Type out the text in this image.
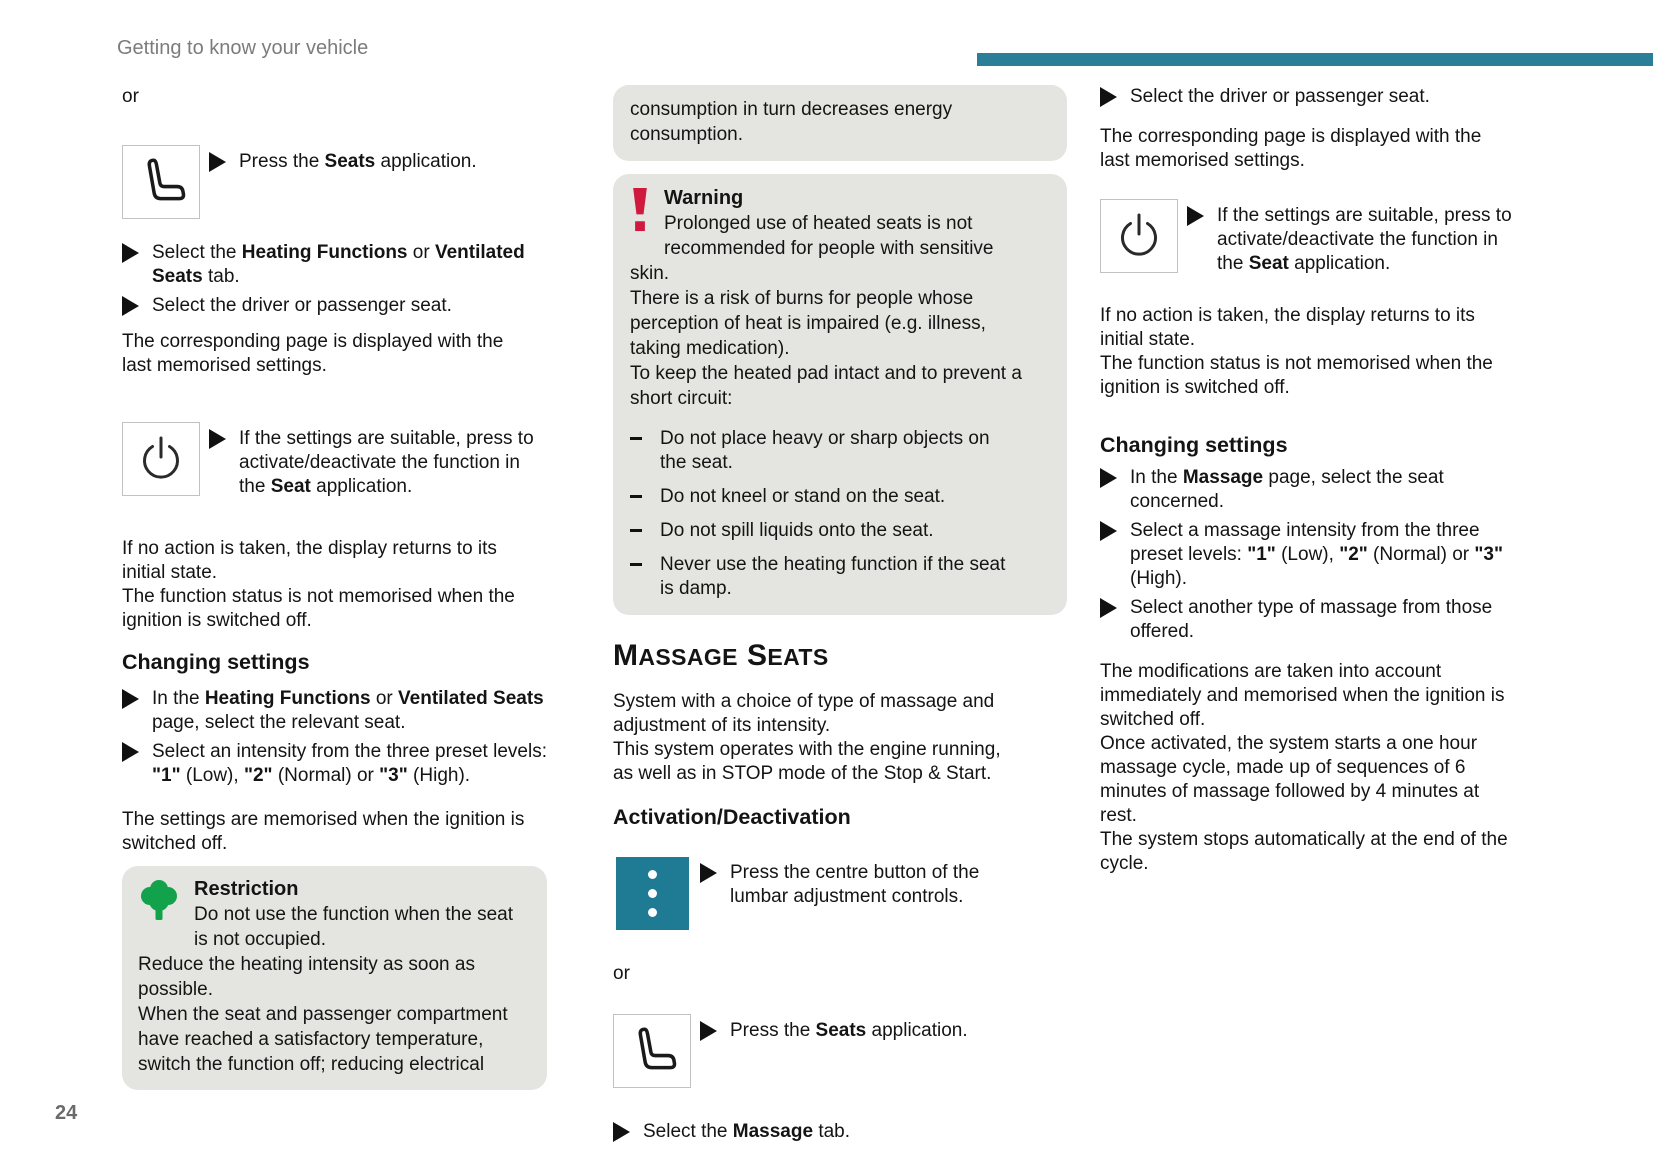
Getting to know your vehicle
or
Press the Seats application.
Select the Heating Functions or Ventilated Seats tab.
Select the driver or passenger seat.
The corresponding page is displayed with the last memorised settings.
If the settings are suitable, press to activate/deactivate the function in the Seat application.
If no action is taken, the display returns to its initial state.
The function status is not memorised when the ignition is switched off.
Changing settings
In the Heating Functions or Ventilated Seats page, select the relevant seat.
Select an intensity from the three preset levels: "1" (Low), "2" (Normal) or "3" (High).
The settings are memorised when the ignition is switched off.
Restriction
Do not use the function when the seat is not occupied.
Reduce the heating intensity as soon as possible.
When the seat and passenger compartment have reached a satisfactory temperature, switch the function off; reducing electrical
consumption in turn decreases energy consumption.
Warning
Prolonged use of heated seats is not recommended for people with sensitive skin.
There is a risk of burns for people whose perception of heat is impaired (e.g. illness, taking medication).
To keep the heated pad intact and to prevent a short circuit:
Do not place heavy or sharp objects on the seat.
Do not kneel or stand on the seat.
Do not spill liquids onto the seat.
Never use the heating function if the seat is damp.
MASSAGE SEATS
System with a choice of type of massage and adjustment of its intensity.
This system operates with the engine running, as well as in STOP mode of the Stop & Start.
Activation/Deactivation
Press the centre button of the lumbar adjustment controls.
or
Press the Seats application.
Select the Massage tab.
Select the driver or passenger seat.
The corresponding page is displayed with the last memorised settings.
If the settings are suitable, press to activate/deactivate the function in the Seat application.
If no action is taken, the display returns to its initial state.
The function status is not memorised when the ignition is switched off.
Changing settings
In the Massage page, select the seat concerned.
Select a massage intensity from the three preset levels: "1" (Low), "2" (Normal) or "3" (High).
Select another type of massage from those offered.
The modifications are taken into account immediately and memorised when the ignition is switched off.
Once activated, the system starts a one hour massage cycle, made up of sequences of 6 minutes of massage followed by 4 minutes at rest.
The system stops automatically at the end of the cycle.
24
